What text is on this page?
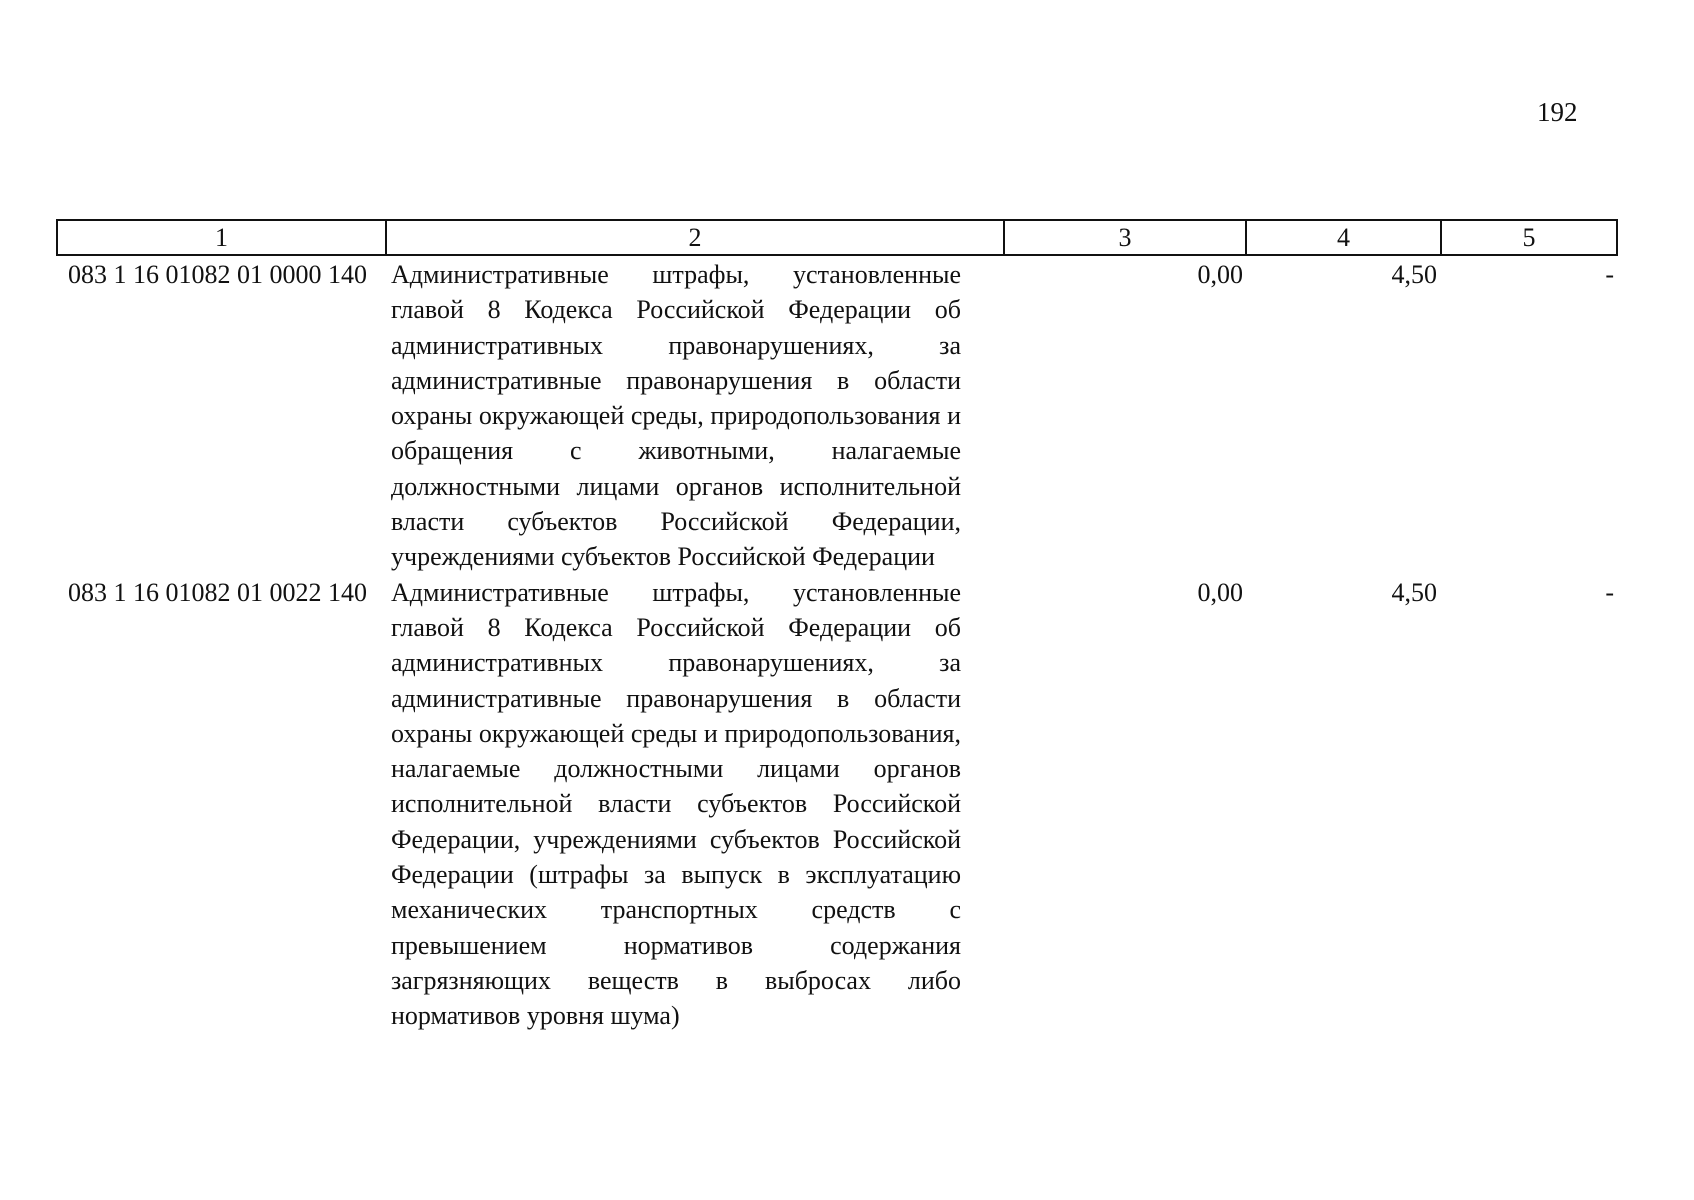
192
1	2	3	4	5
083 1 16 01082 01 0000 140	Административные штрафы, установленные главой 8 Кодекса Российской Федерации об административных правонарушениях, за административные правонарушения в области охраны окружающей среды, природопользования и обращения с животными, налагаемые должностными лицами органов исполнительной власти субъектов Российской Федерации, учреждениями субъектов Российской Федерации	0,00	4,50	-
083 1 16 01082 01 0022 140	Административные штрафы, установленные главой 8 Кодекса Российской Федерации об административных правонарушениях, за административные правонарушения в области охраны окружающей среды и природопользования, налагаемые должностными лицами органов исполнительной власти субъектов Российской Федерации, учреждениями субъектов Российской Федерации (штрафы за выпуск в эксплуатацию механических транспортных средств с превышением нормативов содержания загрязняющих веществ в выбросах либо нормативов уровня шума)	0,00	4,50	-
